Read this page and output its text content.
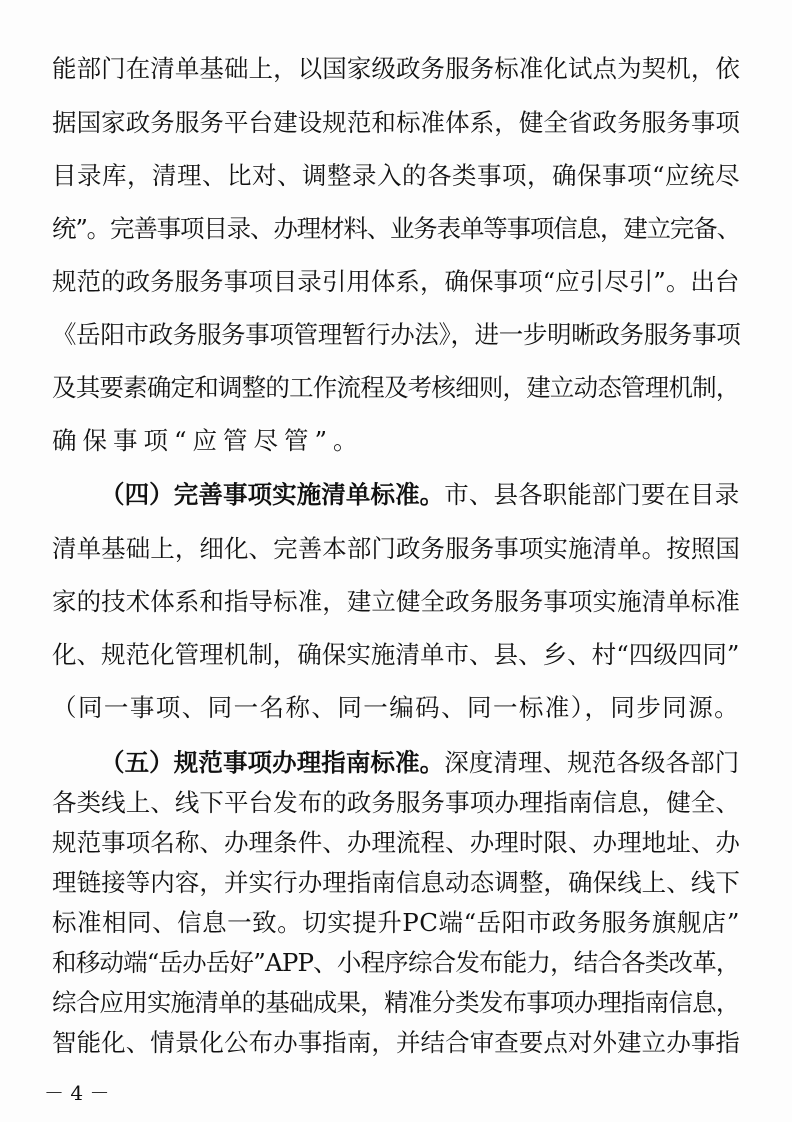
能部门在清单基础上，以国家级政务服务标准化试点为契机，依
据国家政务服务平台建设规范和标准体系，健全省政务服务事项
目录库，清理、比对、调整录入的各类事项，确保事项“应统尽
统”。完善事项目录、办理材料、业务表单等事项信息，建立完备、
规范的政务服务事项目录引用体系，确保事项“应引尽引”。出台
《岳阳市政务服务事项管理暂行办法》，进一步明晰政务服务事项
及其要素确定和调整的工作流程及考核细则，建立动态管理机制，
确保事项“应管尽管”。
（四）完善事项实施清单标准。市、县各职能部门要在目录
清单基础上，细化、完善本部门政务服务事项实施清单。按照国
家的技术体系和指导标准，建立健全政务服务事项实施清单标准
化、规范化管理机制，确保实施清单市、县、乡、村“四级四同”
（同一事项、同一名称、同一编码、同一标准），同步同源。
（五）规范事项办理指南标准。深度清理、规范各级各部门
各类线上、线下平台发布的政务服务事项办理指南信息，健全、
规范事项名称、办理条件、办理流程、办理时限、办理地址、办
理链接等内容，并实行办理指南信息动态调整，确保线上、线下
标准相同、信息一致。切实提升PC端“岳阳市政务服务旗舰店”
和移动端“岳办岳好”APP、小程序综合发布能力，结合各类改革，
综合应用实施清单的基础成果，精准分类发布事项办理指南信息，
智能化、情景化公布办事指南，并结合审查要点对外建立办事指
－ 4 －
